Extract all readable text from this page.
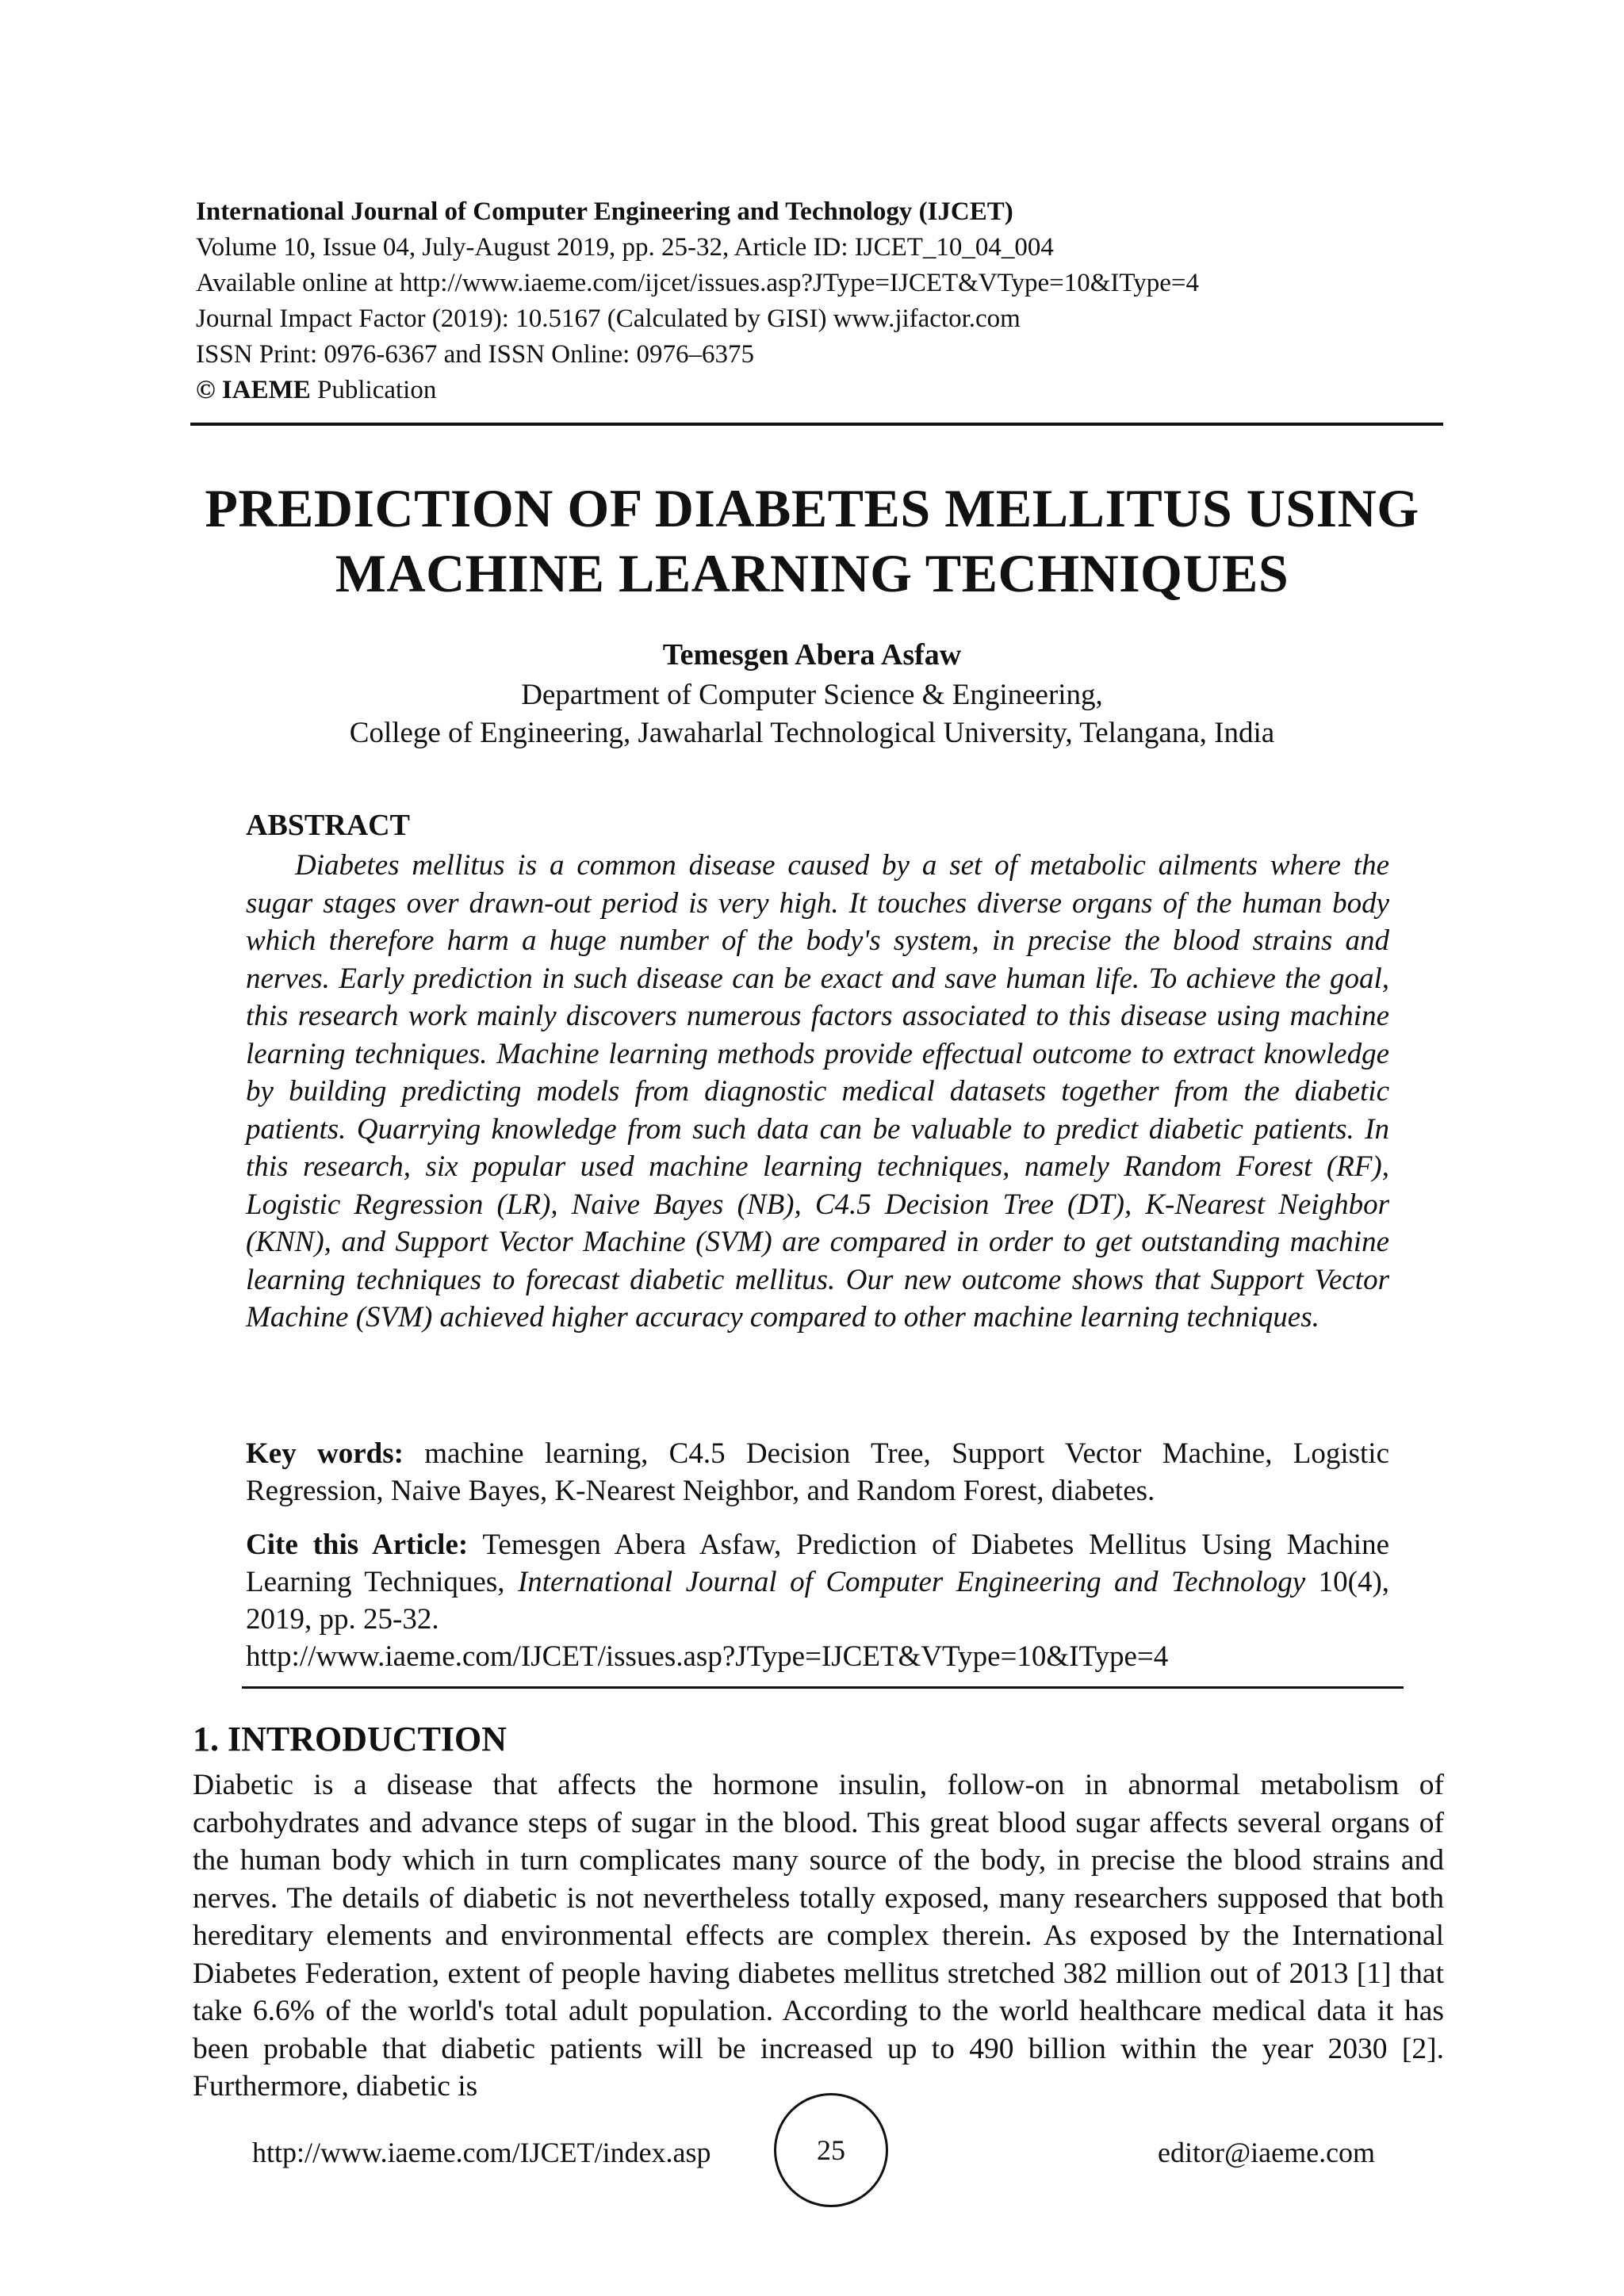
International Journal of Computer Engineering and Technology (IJCET)
Volume 10, Issue 04, July-August 2019, pp. 25-32, Article ID: IJCET_10_04_004
Available online at http://www.iaeme.com/ijcet/issues.asp?JType=IJCET&VType=10&IType=4
Journal Impact Factor (2019): 10.5167 (Calculated by GISI) www.jifactor.com
ISSN Print: 0976-6367 and ISSN Online: 0976–6375
© IAEME Publication
PREDICTION OF DIABETES MELLITUS USING
MACHINE LEARNING TECHNIQUES
Temesgen Abera Asfaw
Department of Computer Science & Engineering,
College of Engineering, Jawaharlal Technological University, Telangana, India
ABSTRACT

Diabetes mellitus is a common disease caused by a set of metabolic ailments where the sugar stages over drawn-out period is very high. It touches diverse organs of the human body which therefore harm a huge number of the body's system, in precise the blood strains and nerves. Early prediction in such disease can be exact and save human life. To achieve the goal, this research work mainly discovers numerous factors associated to this disease using machine learning techniques. Machine learning methods provide effectual outcome to extract knowledge by building predicting models from diagnostic medical datasets together from the diabetic patients. Quarrying knowledge from such data can be valuable to predict diabetic patients. In this research, six popular used machine learning techniques, namely Random Forest (RF), Logistic Regression (LR), Naive Bayes (NB), C4.5 Decision Tree (DT), K-Nearest Neighbor (KNN), and Support Vector Machine (SVM) are compared in order to get outstanding machine learning techniques to forecast diabetic mellitus. Our new outcome shows that Support Vector Machine (SVM) achieved higher accuracy compared to other machine learning techniques.

Key words: machine learning, C4.5 Decision Tree, Support Vector Machine, Logistic Regression, Naive Bayes, K-Nearest Neighbor, and Random Forest, diabetes.

Cite this Article: Temesgen Abera Asfaw, Prediction of Diabetes Mellitus Using Machine Learning Techniques, International Journal of Computer Engineering and Technology 10(4), 2019, pp. 25-32.
http://www.iaeme.com/IJCET/issues.asp?JType=IJCET&VType=10&IType=4

1. INTRODUCTION

Diabetic is a disease that affects the hormone insulin, follow-on in abnormal metabolism of carbohydrates and advance steps of sugar in the blood. This great blood sugar affects several organs of the human body which in turn complicates many source of the body, in precise the blood strains and nerves. The details of diabetic is not nevertheless totally exposed, many researchers supposed that both hereditary elements and environmental effects are complex therein. As exposed by the International Diabetes Federation, extent of people having diabetes mellitus stretched 382 million out of 2013 [1] that take 6.6% of the world's total adult population. According to the world healthcare medical data it has been probable that diabetic patients will be increased up to 490 billion within the year 2030 [2]. Furthermore, diabetic is

http://www.iaeme.com/IJCET/index.asp	25	editor@iaeme.com
